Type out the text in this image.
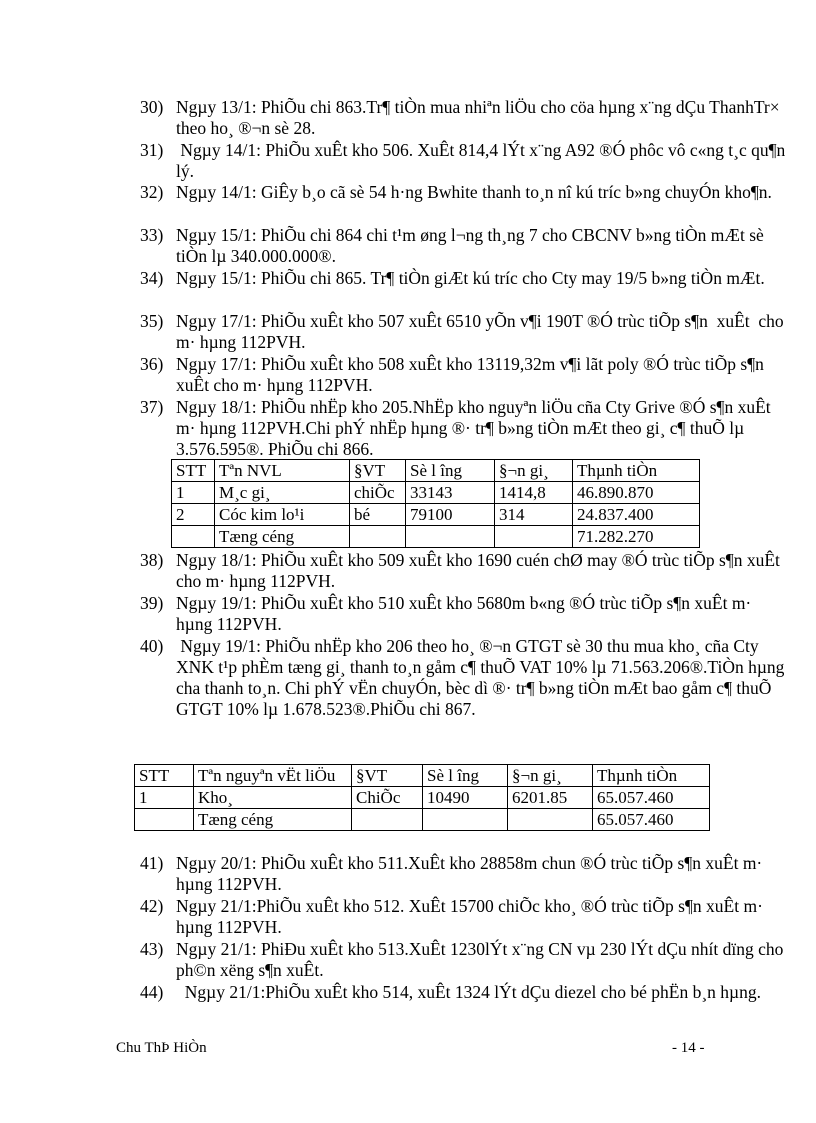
30) Ngµy 13/1: PhiÕu chi 863.Tr¶ tiÒn mua nhiªn liÖu cho cöa hµng x¨ng dÇu ThanhTr× theo ho¸ ®¬n sè 28.
31) Ngµy 14/1: PhiÕu xuÊt kho 506. XuÊt 814,4 lÝt x¨ng A92 ®Ó phôc vô c«ng t¸c qu¶n lý.
32) Ngµy 14/1: GiÊy b¸o cã sè 54 h·ng Bwhite thanh to¸n nî kú tríc b»ng chuyÓn kho¶n.
33) Ngµy 15/1: PhiÕu chi 864 chi t¹m øng l¬ng th¸ng 7 cho CBCNV b»ng tiÒn mÆt sè tiÒn lµ 340.000.000®.
34) Ngµy 15/1: PhiÕu chi 865. Tr¶ tiÒn giÆt kú tríc cho Cty may 19/5 b»ng tiÒn mÆt.
35) Ngµy 17/1: PhiÕu xuÊt kho 507 xuÊt 6510 yÕn v¶i 190T ®Ó trùc tiÕp s¶n  xuÊt  cho m· hµng 112PVH.
36) Ngµy 17/1: PhiÕu xuÊt kho 508 xuÊt kho 13119,32m v¶i lãt poly ®Ó trùc tiÕp s¶n xuÊt cho m· hµng 112PVH.
37) Ngµy 18/1: PhiÕu nhËp kho 205.NhËp kho nguyªn liÖu cña Cty Grive ®Ó s¶n xuÊt m· hµng 112PVH.Chi phÝ nhËp hµng ®· tr¶ b»ng tiÒn mÆt theo gi¸ c¶ thuÕ lµ 3.576.595®. PhiÕu chi 866.
STT	Tªn NVL	§VT	Sè l îng	§¬n gi¸	Thµnh tiÒn
1	M¸c gi¸	chiÕc	33143	1414,8	46.890.870
2	Cóc kim lo¹i	bé	79100	314	24.837.400
	Tæng céng				71.282.270
38) Ngµy 18/1: PhiÕu xuÊt kho 509 xuÊt kho 1690 cuén chØ may ®Ó trùc tiÕp s¶n xuÊt cho m· hµng 112PVH.
39) Ngµy 19/1: PhiÕu xuÊt kho 510 xuÊt kho 5680m b«ng ®Ó trùc tiÕp s¶n xuÊt m· hµng 112PVH.
40) Ngµy 19/1: PhiÕu nhËp kho 206 theo ho¸ ®¬n GTGT sè 30 thu mua kho¸ cña Cty XNK t¹p phÈm tæng gi¸ thanh to¸n gåm c¶ thuÕ VAT 10% lµ 71.563.206®.TiÒn hµng cha thanh to¸n. Chi phÝ vËn chuyÓn, bèc dì ®· tr¶ b»ng tiÒn mÆt bao gåm c¶ thuÕ GTGT 10% lµ 1.678.523®.PhiÕu chi 867.
STT	Tªn nguyªn vËt liÖu	§VT	Sè l îng	§¬n gi¸	Thµnh tiÒn
1	Kho¸	ChiÕc	10490	6201.85	65.057.460
	Tæng céng				65.057.460
41) Ngµy 20/1: PhiÕu xuÊt kho 511.XuÊt kho 28858m chun ®Ó trùc tiÕp s¶n xuÊt m· hµng 112PVH.
42) Ngµy 21/1:PhiÕu xuÊt kho 512. XuÊt 15700 chiÕc kho¸ ®Ó trùc tiÕp s¶n xuÊt m· hµng 112PVH.
43) Ngµy 21/1: PhiÐu xuÊt kho 513.XuÊt 1230lÝt x¨ng CN vµ 230 lÝt dÇu nhít dïng cho ph©n xëng s¶n xuÊt.
44) Ngµy 21/1:PhiÕu xuÊt kho 514, xuÊt 1324 lÝt dÇu diezel cho bé phËn b¸n hµng.
Chu ThÞ HiÒn	- 14 -
